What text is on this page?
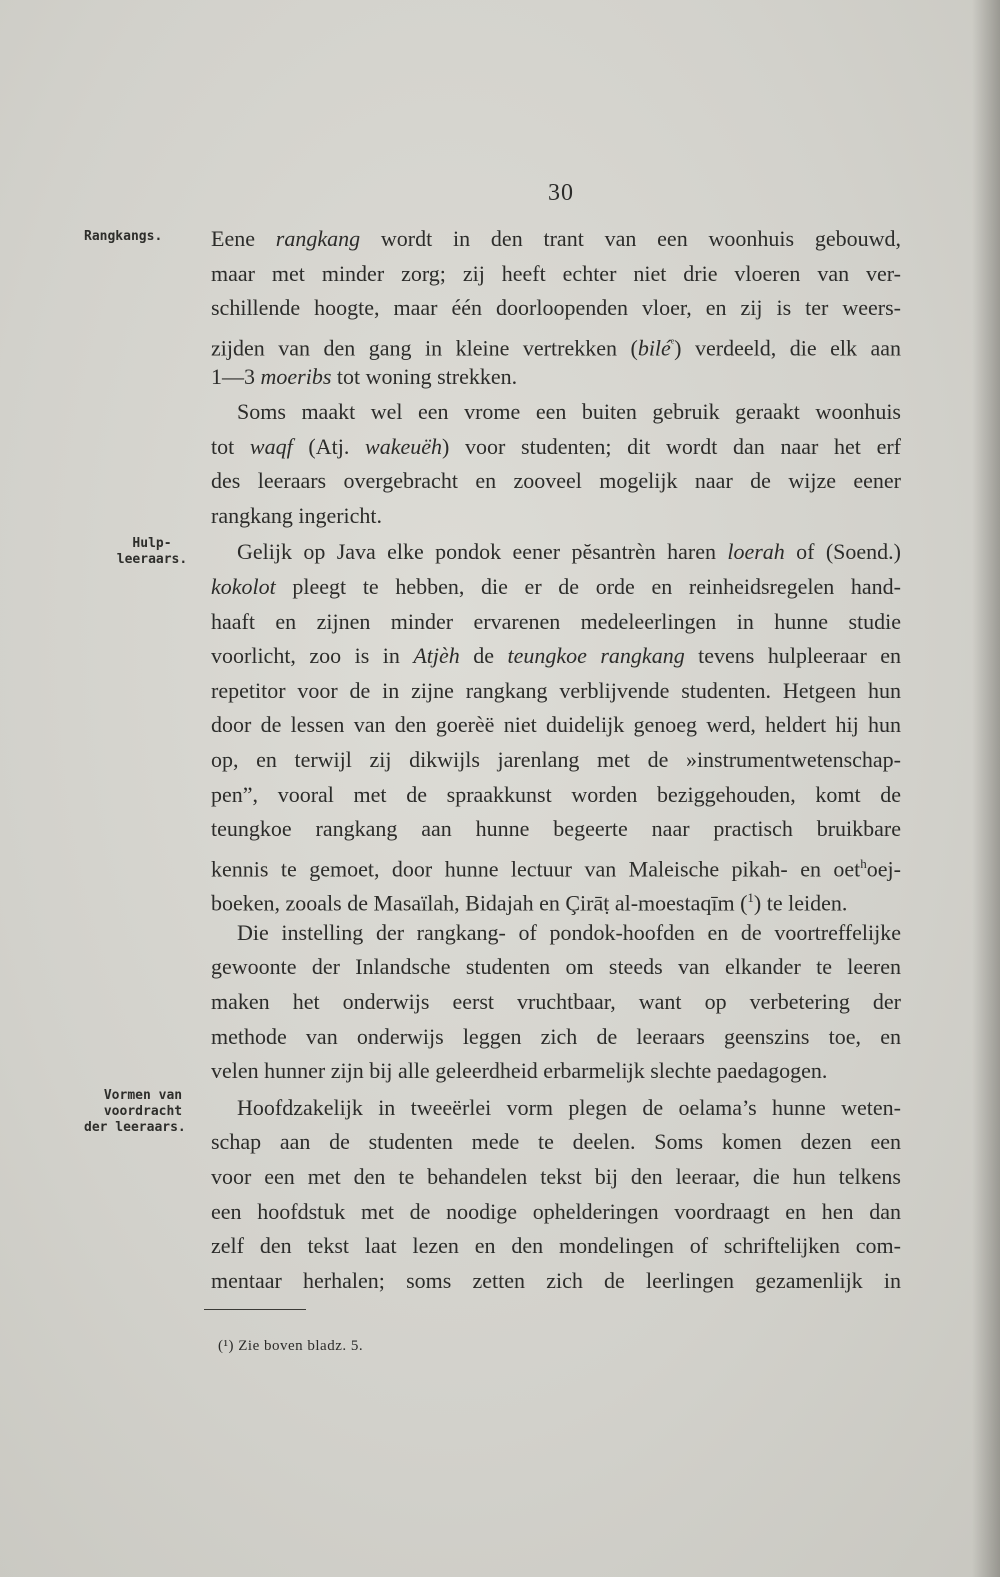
30
Rangkangs.
Hulp-
leeraars.
Vormen van
voordracht
der leeraars.
Eene rangkang wordt in den trant van een woonhuis gebouwd,
maar met minder zorg; zij heeft echter niet drie vloeren van ver-
schillende hoogte, maar één doorloopenden vloer, en zij is ter weers-
zijden van den gang in kleine vertrekken (bilé$^ᵉ$) verdeeld, die elk aan
1—3 moeribs tot woning strekken.
Soms maakt wel een vrome een buiten gebruik geraakt woonhuis
tot waqf (Atj. wakeuëh) voor studenten; dit wordt dan naar het erf
des leeraars overgebracht en zooveel mogelijk naar de wijze eener
rangkang ingericht.
Gelijk op Java elke pondok eener pĕsantrèn haren loerah of (Soend.)
kokolot pleegt te hebben, die er de orde en reinheidsregelen hand-
haaft en zijnen minder ervarenen medeleerlingen in hunne studie
voorlicht, zoo is in Atjèh de teungkoe rangkang tevens hulpleeraar en
repetitor voor de in zijne rangkang verblijvende studenten. Hetgeen hun
door de lessen van den goerèë niet duidelijk genoeg werd, heldert hij hun
op, en terwijl zij dikwijls jarenlang met de »instrumentwetenschap-
pen”, vooral met de spraakkunst worden beziggehouden, komt de
teungkoe rangkang aan hunne begeerte naar practisch bruikbare
kennis te gemoet, door hunne lectuur van Maleische pikah- en oet$^h$oej-
boeken, zooals de Masaïlah, Bidajah en Çirāṭ al-moestaqīm ($^1$) te leiden.
Die instelling der rangkang- of pondok-hoofden en de voortreffelijke
gewoonte der Inlandsche studenten om steeds van elkander te leeren
maken het onderwijs eerst vruchtbaar, want op verbetering der
methode van onderwijs leggen zich de leeraars geenszins toe, en
velen hunner zijn bij alle geleerdheid erbarmelijk slechte paedagogen.
Hoofdzakelijk in tweeërlei vorm plegen de oelama’s hunne weten-
schap aan de studenten mede te deelen. Soms komen dezen een
voor een met den te behandelen tekst bij den leeraar, die hun telkens
een hoofdstuk met de noodige ophelderingen voordraagt en hen dan
zelf den tekst laat lezen en den mondelingen of schriftelijken com-
mentaar herhalen; soms zetten zich de leerlingen gezamenlijk in
(¹) Zie boven bladz. 5.
